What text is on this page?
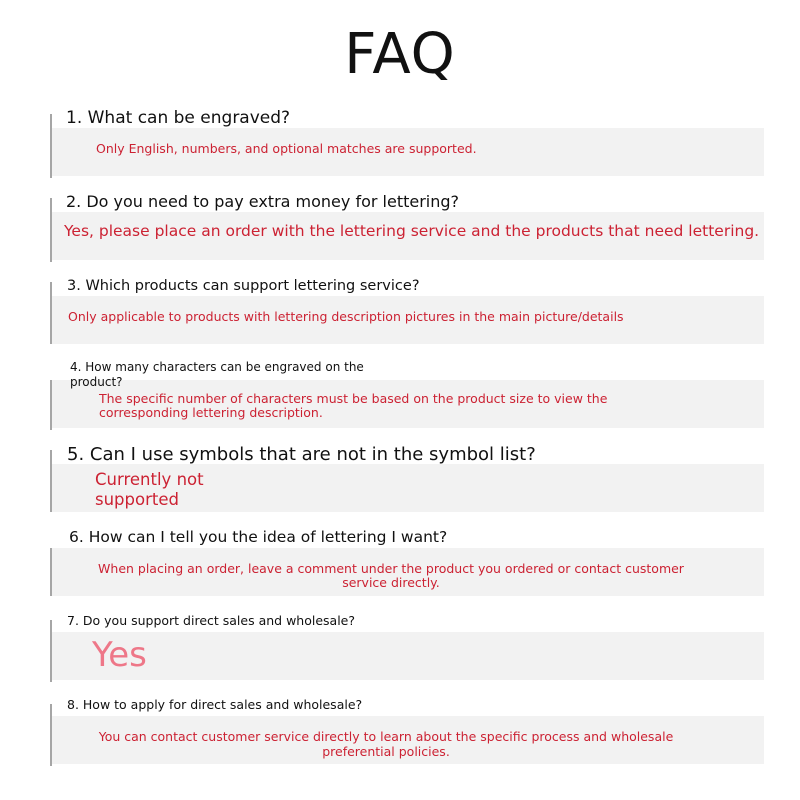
FAQ
1. What can be engraved?
Only English, numbers, and optional matches are supported.
2. Do you need to pay extra money for lettering?
Yes, please place an order with the lettering service and the products that need lettering.
3. Which products can support lettering service?
Only applicable to products with lettering description pictures in the main picture/details
4. How many characters can be engraved on the product?
The specific number of characters must be based on the product size to view the corresponding lettering description.
5. Can I use symbols that are not in the symbol list?
Currently not supported
6. How can I tell you the idea of lettering I want?
When placing an order, leave a comment under the product you ordered or contact customer service directly.
7. Do you support direct sales and wholesale?
Yes
8. How to apply for direct sales and wholesale?
You can contact customer service directly to learn about the specific process and wholesale preferential policies.
